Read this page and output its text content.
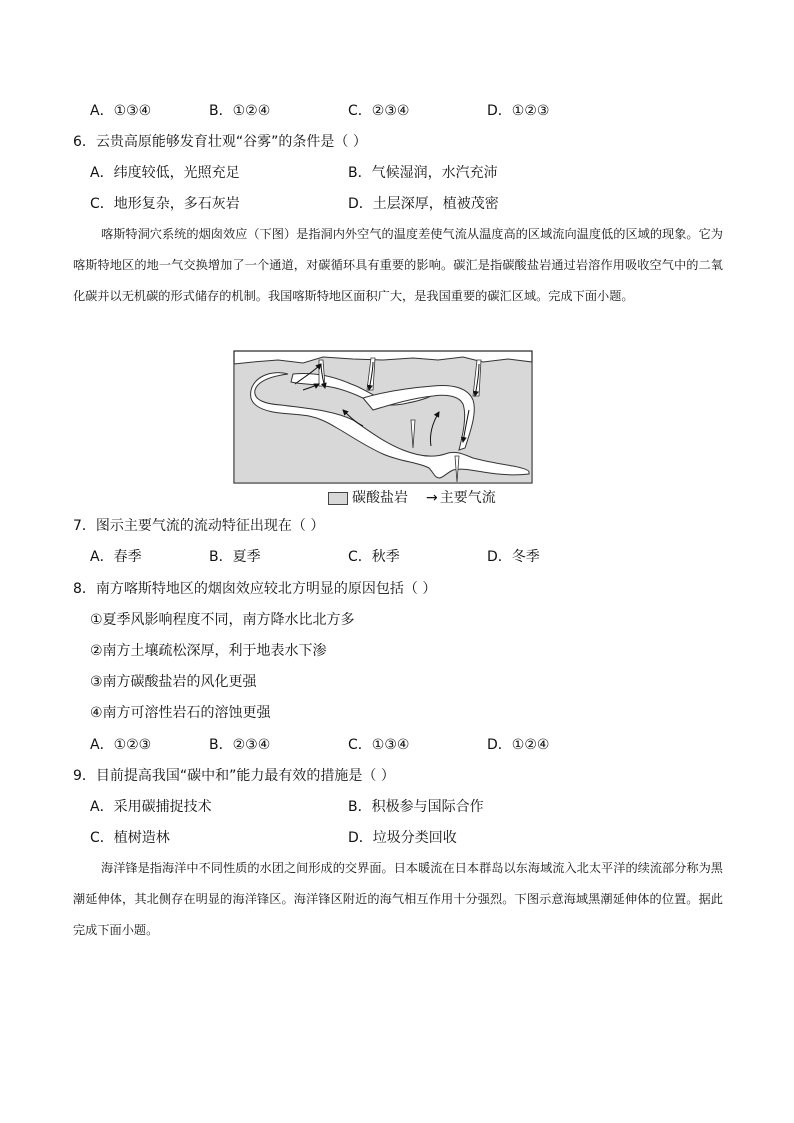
A．①③④	B．①②④	C．②③④	D．①②③
6．云贵高原能够发育壮观“谷雾”的条件是（ ）
A．纬度较低，光照充足	B．气候湿润，水汽充沛
C．地形复杂，多石灰岩	D．土层深厚，植被茂密

喀斯特洞穴系统的烟囱效应（下图）是指洞内外空气的温度差使气流从温度高的区域流向温度低的区域的现象。它为喀斯特地区的地一气交换增加了一个通道，对碳循环具有重要的影响。碳汇是指碳酸盐岩通过岩溶作用吸收空气中的二氧化碳并以无机碳的形式储存的机制。我国喀斯特地区面积广大，是我国重要的碳汇区域。完成下面小题。

碳酸盐岩 → 主要气流
7．图示主要气流的流动特征出现在（ ）
A．春季	B．夏季	C．秋季	D．冬季
8．南方喀斯特地区的烟囱效应较北方明显的原因包括（ ）
①夏季风影响程度不同，南方降水比北方多
②南方土壤疏松深厚，利于地表水下渗
③南方碳酸盐岩的风化更强
④南方可溶性岩石的溶蚀更强
A．①②③	B．②③④	C．①③④	D．①②④
9．目前提高我国“碳中和”能力最有效的措施是（ ）
A．采用碳捕捉技术	B．积极参与国际合作
C．植树造林	D．垃圾分类回收

海洋锋是指海洋中不同性质的水团之间形成的交界面。日本暖流在日本群岛以东海域流入北太平洋的续流部分称为黑潮延伸体，其北侧存在明显的海洋锋区。海洋锋区附近的海气相互作用十分强烈。下图示意海域黑潮延伸体的位置。据此完成下面小题。
